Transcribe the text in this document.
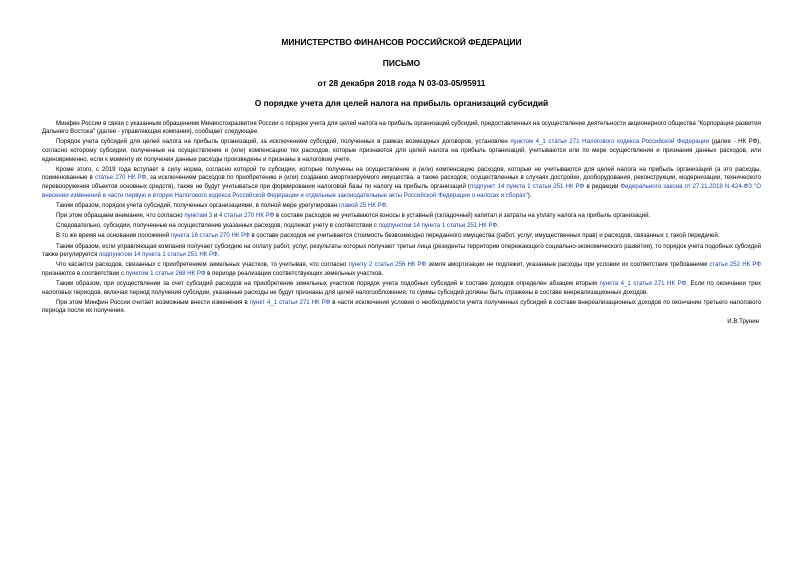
МИНИСТЕРСТВО ФИНАНСОВ РОССИЙСКОЙ ФЕДЕРАЦИИ
ПИСЬМО
от 28 декабря 2018 года N 03-03-05/95911
О порядке учета для целей налога на прибыль организаций субсидий

Минфин России в связи с указанным обращением Минвостокразвития России о порядке учета для целей налога на прибыль организаций субсидий, предоставленных на осуществление деятельности акционерного общества "Корпорация развития Дальнего Востока" (далее - управляющая компания), сообщает следующее.

Порядок учета субсидий для целей налога на прибыль организаций, за исключением субсидий, полученных в рамках возмездных договоров, установлен пунктом 4_1 статьи 271 Налогового кодекса Российской Федерации (далее - НК РФ), согласно которому субсидии, полученные на осуществление и (или) компенсацию тех расходов, которые признаются для целей налога на прибыль организаций, учитываются или по мере осуществления и признания данных расходов, или единовременно, если к моменту их получения данные расходы произведены и признаны в налоговом учете.

Кроме этого, с 2019 года вступает в силу норма, согласно которой те субсидии, которые получены на осуществление и (или) компенсацию расходов, которые не учитываются для целей налога на прибыль организаций (а это расходы, поименованные в статье 270 НК РФ, за исключением расходов по приобретению и (или) созданию амортизируемого имущества, а также расходов, осуществленных в случаях достройки, дооборудования, реконструкции, модернизации, технического перевооружения объектов основных средств), также не будут учитываться при формировании налоговой базы по налогу на прибыль организаций (подпункт 14 пункта 1 статьи 251 НК РФ в редакции Федерального закона от 27.11.2018 N 424-ФЗ "О внесении изменений в части первую и вторую Налогового кодекса Российской Федерации и отдельные законодательные акты Российской Федерации о налогах и сборах").

Таким образом, порядок учета субсидий, полученных организациями, в полной мере урегулирован главой 25 НК РФ.

При этом обращаем внимание, что согласно пунктам 3 и 4 статьи 270 НК РФ в составе расходов не учитываются взносы в уставный (складочный) капитал и затраты на уплату налога на прибыль организаций.

Следовательно, субсидии, полученные на осуществление указанных расходов, подлежат учету в соответствии с подпунктом 14 пункта 1 статьи 251 НК РФ.

В то же время на основании положений пункта 16 статьи 270 НК РФ в составе расходов не учитывается стоимость безвозмездно переданного имущества (работ, услуг, имущественных прав) и расходов, связанных с такой передачей.

Таким образом, если управляющая компания получает субсидию на оплату работ, услуг, результаты которых получают третьи лица (резиденты территории опережающего социально-экономического развития), то порядок учета подобных субсидий также регулируется подпунктом 14 пункта 1 статьи 251 НК РФ.

Что касается расходов, связанных с приобретением земельных участков, то учитывая, что согласно пункту 2 статьи 256 НК РФ земля амортизации не подлежит, указанные расходы при условии их соответствия требованиям статьи 252 НК РФ признаются в соответствии с пунктом 1 статьи 268 НК РФ в периоде реализации соответствующих земельных участков.

Таким образом, при осуществлении за счет субсидий расходов на приобретение земельных участков порядок учета подобных субсидий в составе доходов определен абзацем вторым пункта 4_1 статьи 271 НК РФ. Если по окончании трех налоговых периодов, включая период получения субсидии, указанные расходы не будут признаны для целей налогообложения, то суммы субсидий должны быть отражены в составе внереализационных доходов.

При этом Минфин России считает возможным внести изменения в пункт 4_1 статьи 271 НК РФ в части исключения условия о необходимости учета полученных субсидий в составе внереализационных доходов по окончании третьего налогового периода после их получения.

И.В.Трунин
